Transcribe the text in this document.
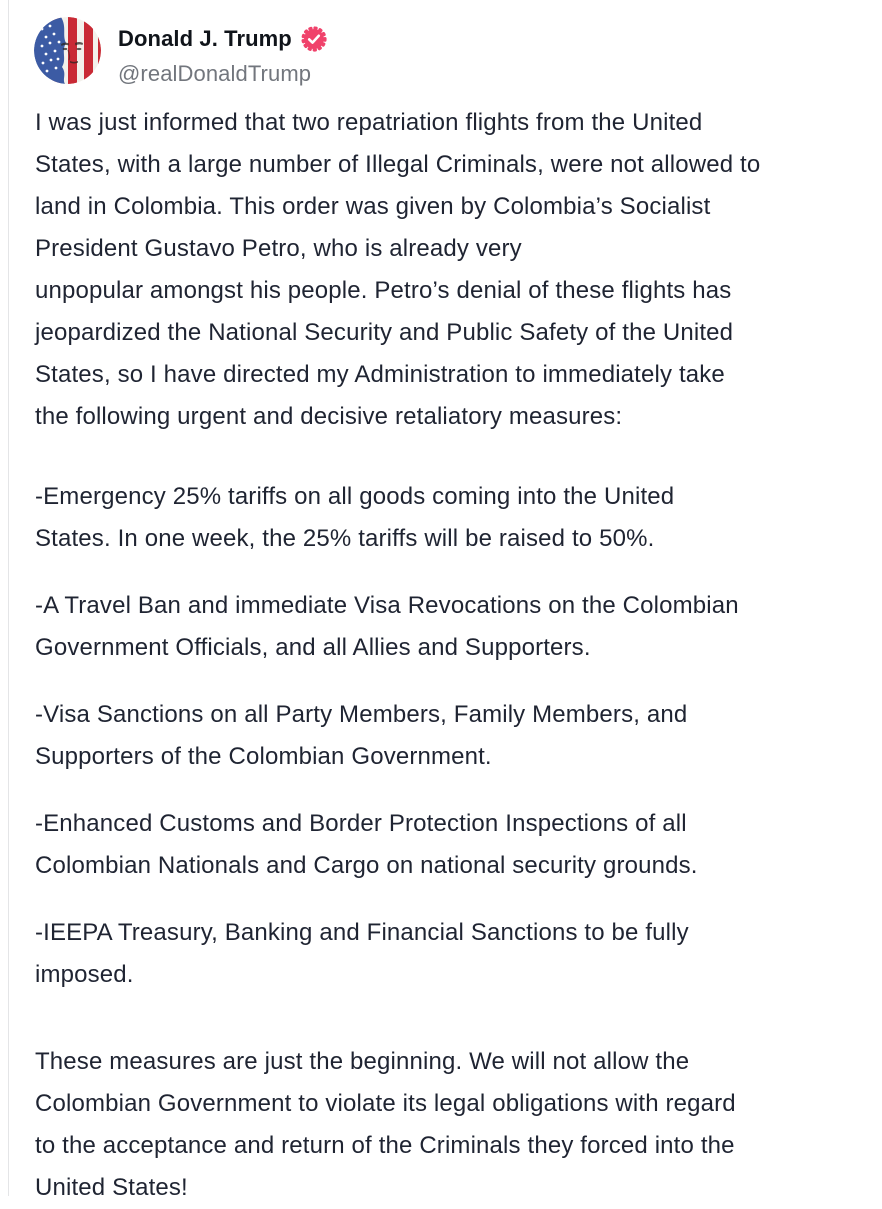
Donald J. Trump
@realDonaldTrump
I was just informed that two repatriation flights from the United
States, with a large number of Illegal Criminals, were not allowed to
land in Colombia. This order was given by Colombia’s Socialist
President Gustavo Petro, who is already very
unpopular amongst his people. Petro’s denial of these flights has
jeopardized the National Security and Public Safety of the United
States, so I have directed my Administration to immediately take
the following urgent and decisive retaliatory measures:
-Emergency 25% tariffs on all goods coming into the United
States. In one week, the 25% tariffs will be raised to 50%.
-A Travel Ban and immediate Visa Revocations on the Colombian
Government Officials, and all Allies and Supporters.
-Visa Sanctions on all Party Members, Family Members, and
Supporters of the Colombian Government.
-Enhanced Customs and Border Protection Inspections of all
Colombian Nationals and Cargo on national security grounds.
-IEEPA Treasury, Banking and Financial Sanctions to be fully
imposed.
These measures are just the beginning. We will not allow the
Colombian Government to violate its legal obligations with regard
to the acceptance and return of the Criminals they forced into the
United States!
